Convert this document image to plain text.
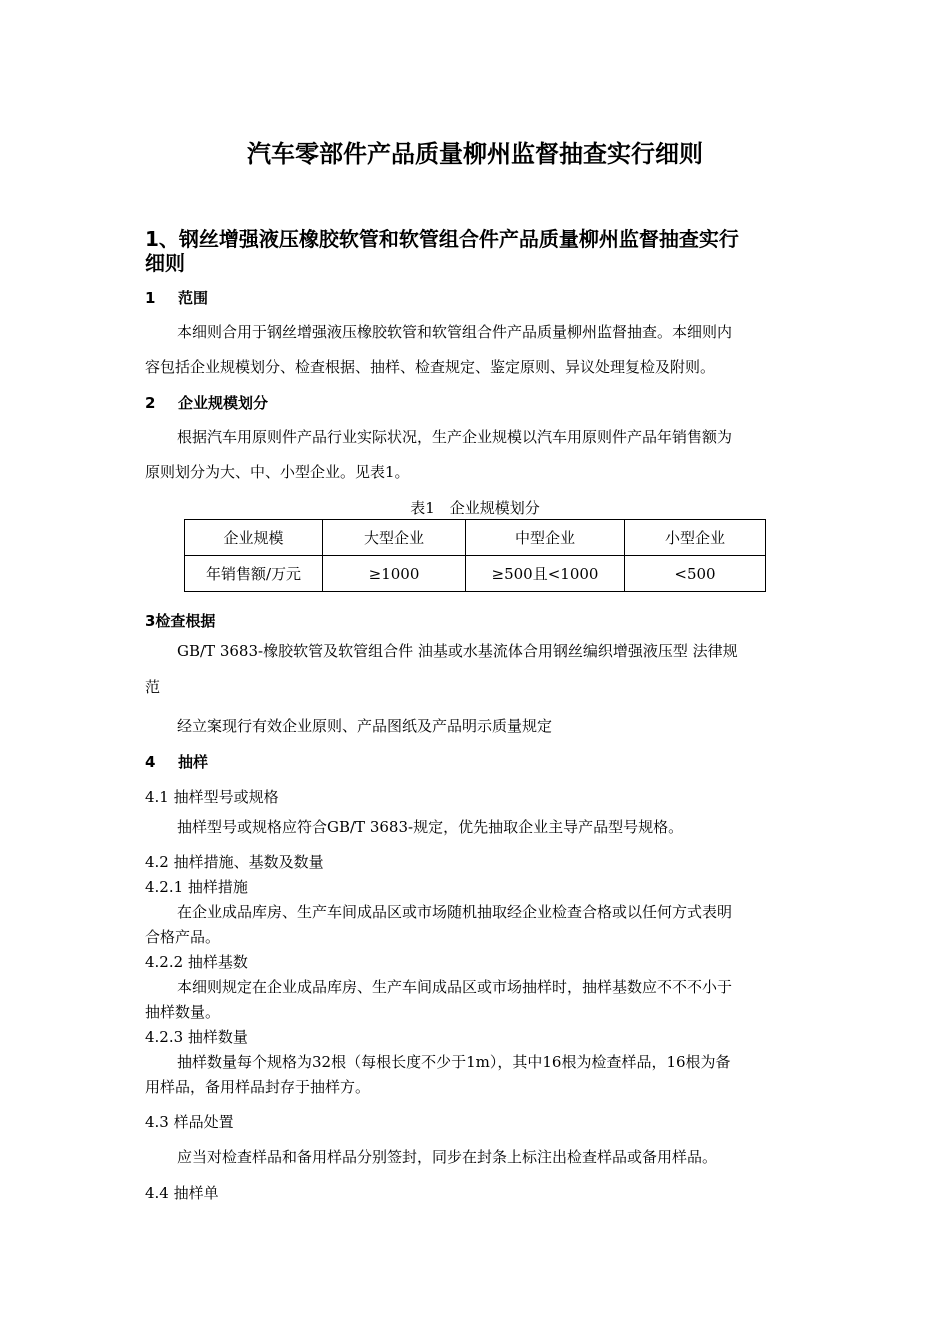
汽车零部件产品质量柳州监督抽查实行细则
1、钢丝增强液压橡胶软管和软管组合件产品质量柳州监督抽查实行
细则
1 范围
本细则合用于钢丝增强液压橡胶软管和软管组合件产品质量柳州监督抽查。本细则内
容包括企业规模划分、检查根据、抽样、检查规定、鉴定原则、异议处理复检及附则。
2 企业规模划分
根据汽车用原则件产品行业实际状况，生产企业规模以汽车用原则件产品年销售额为
原则划分为大、中、小型企业。见表1。
表1　企业规模划分
企业规模	大型企业	中型企业	小型企业
年销售额/万元	≥1000	≥500且<1000	<500
3检查根据
GB/T 3683-橡胶软管及软管组合件 油基或水基流体合用钢丝编织增强液压型 法律规
范
经立案现行有效企业原则、产品图纸及产品明示质量规定
4 抽样
4.1 抽样型号或规格
抽样型号或规格应符合GB/T 3683-规定，优先抽取企业主导产品型号规格。
4.2 抽样措施、基数及数量
4.2.1 抽样措施
在企业成品库房、生产车间成品区或市场随机抽取经企业检查合格或以任何方式表明
合格产品。
4.2.2 抽样基数
本细则规定在企业成品库房、生产车间成品区或市场抽样时，抽样基数应不不不小于
抽样数量。
4.2.3 抽样数量
抽样数量每个规格为32根（每根长度不少于1m），其中16根为检查样品，16根为备
用样品，备用样品封存于抽样方。
4.3 样品处置
应当对检查样品和备用样品分别签封，同步在封条上标注出检查样品或备用样品。
4.4 抽样单
